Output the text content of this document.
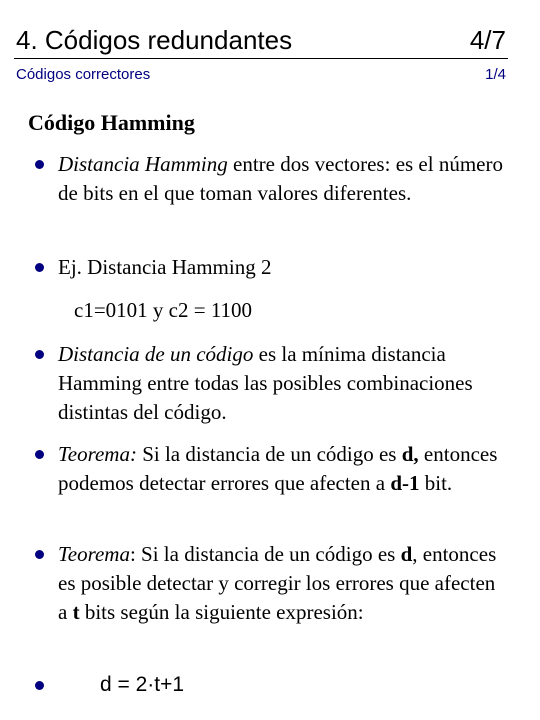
4. Códigos redundantes	4/7
Códigos correctores	1/4
Código Hamming
Distancia Hamming entre dos vectores: es el número de bits en el que toman valores diferentes.
Ej. Distancia Hamming 2
c1=0101 y c2 = 1100
Distancia de un código es la mínima distancia Hamming entre todas las posibles combinaciones distintas del código.
Teorema: Si la distancia de un código es d, entonces podemos detectar errores que afecten a d-1 bit.
Teorema: Si la distancia de un código es d, entonces es posible detectar y corregir los errores que afecten a t bits según la siguiente expresión:
d = 2·t+1
